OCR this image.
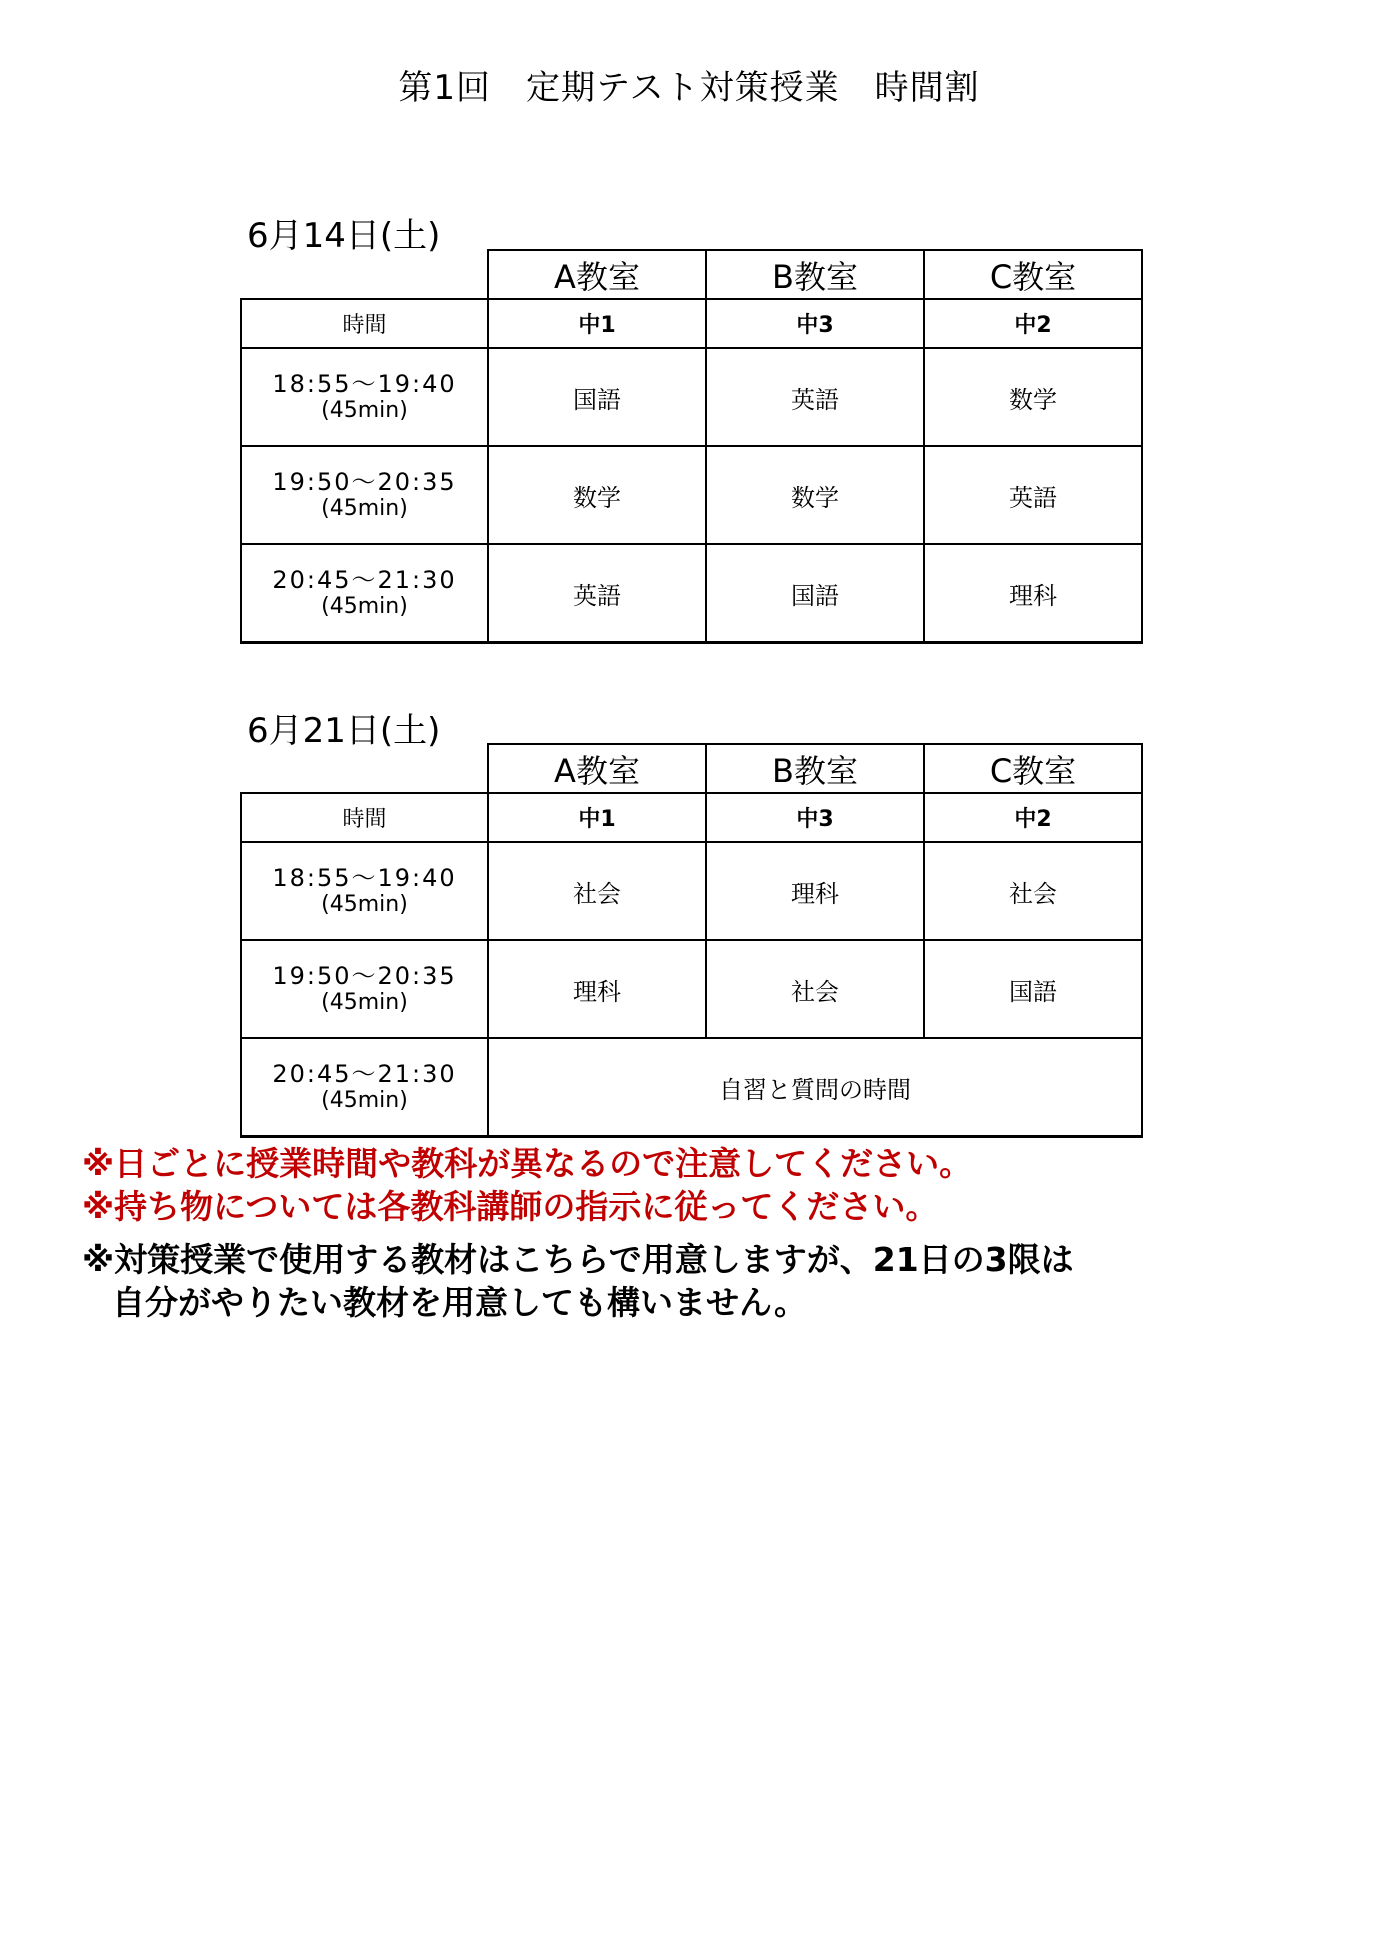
第1回　定期テスト対策授業　時間割
6月14日(土)
	A教室	B教室	C教室
時間	中1	中3	中2

18:55～19:40
(45min)	国語	英語	数学

19:50～20:35
(45min)	数学	数学	英語

20:45～21:30
(45min)	英語	国語	理科
6月21日(土)
	A教室	B教室	C教室
時間	中1	中3	中2

18:55～19:40
(45min)	社会	理科	社会

19:50～20:35
(45min)	理科	社会	国語

20:45～21:30
(45min)	自習と質問の時間		
※日ごとに授業時間や教科が異なるので注意してください。
※持ち物については各教科講師の指示に従ってください。
※対策授業で使用する教材はこちらで用意しますが、21日の3限は
自分がやりたい教材を用意しても構いません。
